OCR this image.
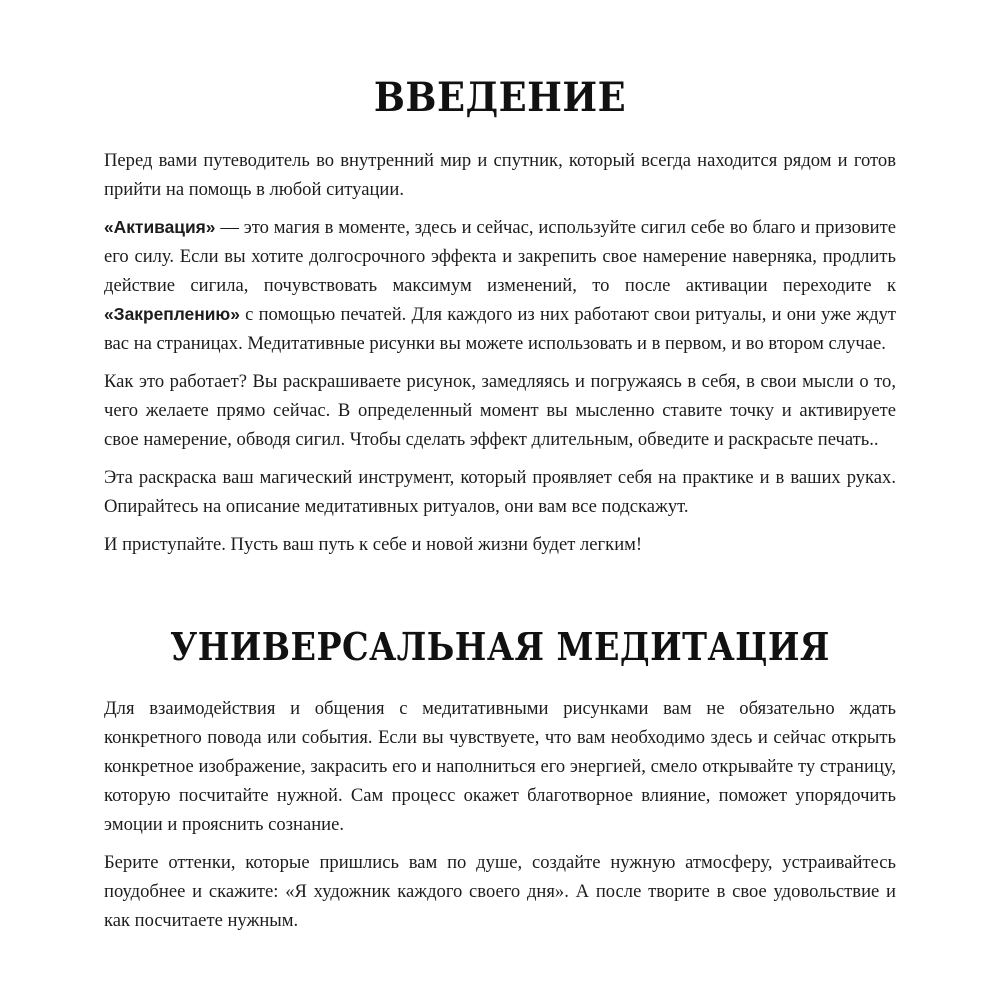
ВВЕДЕНИЕ

Перед вами путеводитель во внутренний мир и спутник, который всегда находится рядом и готов прийти на помощь в любой ситуации.

«Активация» — это магия в моменте, здесь и сейчас, используйте сигил себе во благо и призовите его силу. Если вы хотите долгосрочного эффекта и закрепить свое намерение наверняка, продлить действие сигила, почувствовать максимум изменений, то после активации переходите к «Закреплению» с помощью печатей. Для каждого из них работают свои ритуалы, и они уже ждут вас на страницах. Медитативные рисунки вы можете использовать и в первом, и во втором случае.

Как это работает? Вы раскрашиваете рисунок, замедляясь и погружаясь в себя, в свои мысли о то, чего желаете прямо сейчас. В определенный момент вы мысленно ставите точку и активируете свое намерение, обводя сигил. Чтобы сделать эффект длительным, обведите и раскрасьте печать..

Эта раскраска ваш магический инструмент, который проявляет себя на практике и в ваших руках. Опирайтесь на описание медитативных ритуалов, они вам все подскажут.

И приступайте. Пусть ваш путь к себе и новой жизни будет легким!

УНИВЕРСАЛЬНАЯ МЕДИТАЦИЯ

Для взаимодействия и общения с медитативными рисунками вам не обязательно ждать конкретного повода или события. Если вы чувствуете, что вам необходимо здесь и сейчас открыть конкретное изображение, закрасить его и наполниться его энергией, смело открывайте ту страницу, которую посчитайте нужной. Сам процесс окажет благотворное влияние, поможет упорядочить эмоции и прояснить сознание.

Берите оттенки, которые пришлись вам по душе, создайте нужную атмосферу, устраивайтесь поудобнее и скажите: «Я художник каждого своего дня». А после творите в свое удовольствие и как посчитаете нужным.
